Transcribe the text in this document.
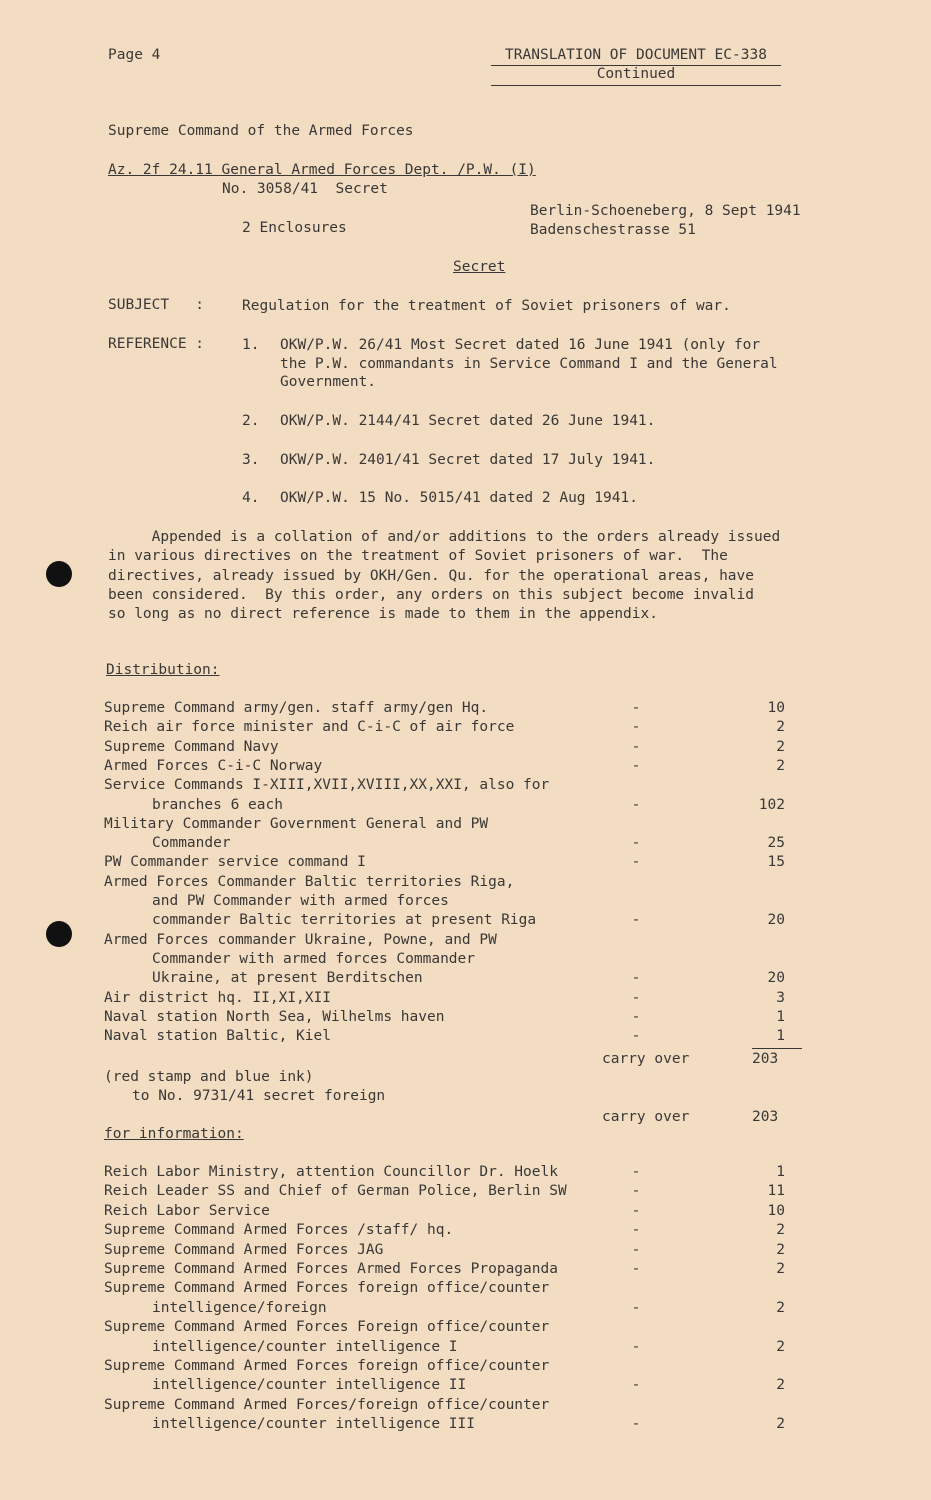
Page 4	TRANSLATION OF DOCUMENT EC-338
Continued
Supreme Command of the Armed Forces
Az. 2f 24.11 General Armed Forces Dept. /P.W. (I)
No. 3058/41  Secret
Berlin-Schoeneberg, 8 Sept 1941
2 Enclosures	Badenschestrasse 51
Secret
SUBJECT   :	Regulation for the treatment of Soviet prisoners of war.
REFERENCE :	1. OKW/P.W. 26/41 Most Secret dated 16 June 1941 (only for
the P.W. commandants in Service Command I and the General
Government.
2. OKW/P.W. 2144/41 Secret dated 26 June 1941.
3. OKW/P.W. 2401/41 Secret dated 17 July 1941.
4. OKW/P.W. 15 No. 5015/41 dated 2 Aug 1941.
Appended is a collation of and/or additions to the orders already issued
in various directives on the treatment of Soviet prisoners of war.  The
directives, already issued by OKH/Gen. Qu. for the operational areas, have
been considered.  By this order, any orders on this subject become invalid
so long as no direct reference is made to them in the appendix.
Distribution:
Supreme Command army/gen. staff army/gen Hq.	-	10
Reich air force minister and C-i-C of air force	-	2
Supreme Command Navy	-	2
Armed Forces C-i-C Norway	-	2
Service Commands I-XIII,XVII,XVIII,XX,XXI, also for
branches 6 each	-	102
Military Commander Government General and PW
Commander	-	25
PW Commander service command I	-	15
Armed Forces Commander Baltic territories Riga,
and PW Commander with armed forces
commander Baltic territories at present Riga	-	20
Armed Forces commander Ukraine, Powne, and PW
Commander with armed forces Commander
Ukraine, at present Berditschen	-	20
Air district hq. II,XI,XII	-	3
Naval station North Sea, Wilhelms haven	-	1
Naval station Baltic, Kiel	-	1
carry over	203
(red stamp and blue ink)
to No. 9731/41 secret foreign
carry over	203
for information:
Reich Labor Ministry, attention Councillor Dr. Hoelk	-	1
Reich Leader SS and Chief of German Police, Berlin SW	-	11
Reich Labor Service	-	10
Supreme Command Armed Forces /staff/ hq.	-	2
Supreme Command Armed Forces JAG	-	2
Supreme Command Armed Forces Armed Forces Propaganda	-	2
Supreme Command Armed Forces foreign office/counter
intelligence/foreign	-	2
Supreme Command Armed Forces Foreign office/counter
intelligence/counter intelligence I	-	2
Supreme Command Armed Forces foreign office/counter
intelligence/counter intelligence II	-	2
Supreme Command Armed Forces/foreign office/counter
intelligence/counter intelligence III	-	2
